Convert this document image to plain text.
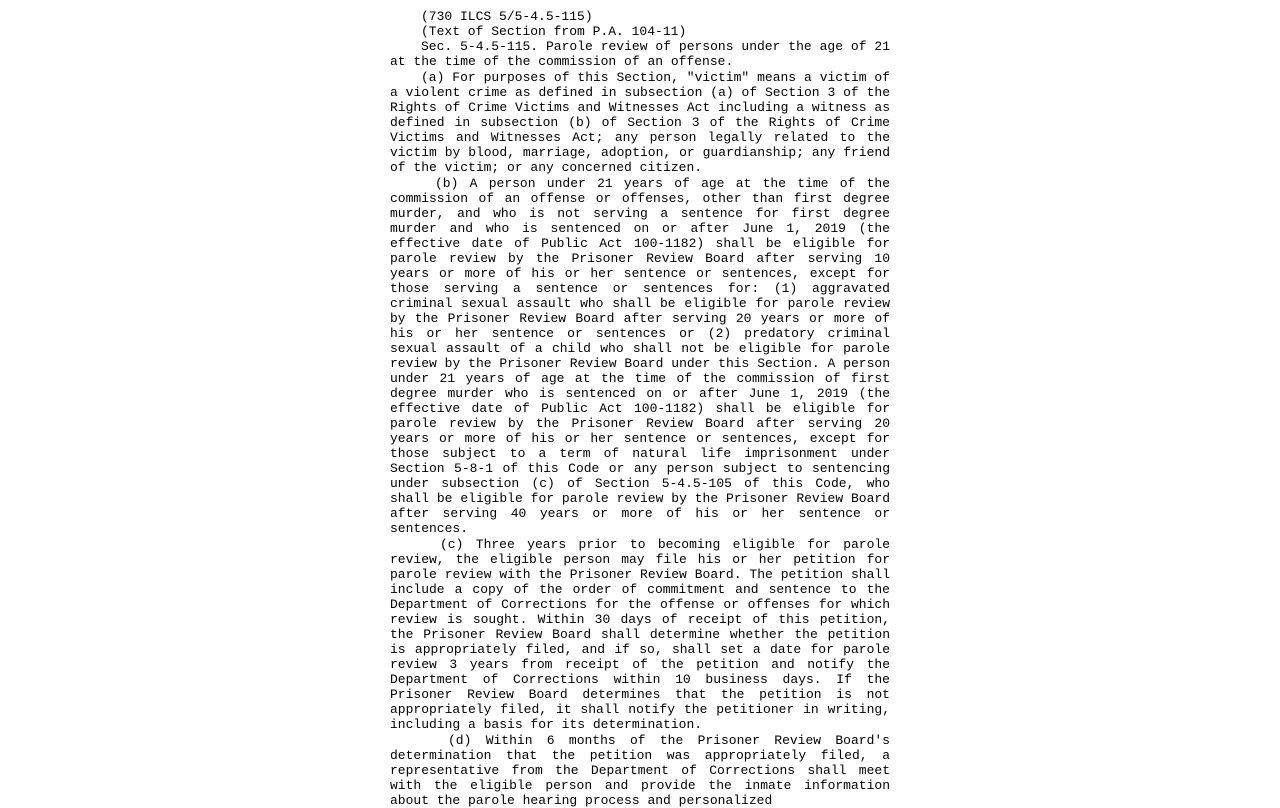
(730 ILCS 5/5-4.5-115)
(Text of Section from P.A. 104-11)
Sec. 5-4.5-115. Parole review of persons under the age of 21
at the time of the commission of an offense.
(a) For purposes of this Section, "victim" means a victim of
a violent crime as defined in subsection (a) of Section 3 of the
Rights of Crime Victims and Witnesses Act including a witness as
defined in subsection (b) of Section 3 of the Rights of Crime
Victims and Witnesses Act; any person legally related to the
victim by blood, marriage, adoption, or guardianship; any friend
of the victim; or any concerned citizen.
(b) A person under 21 years of age at the time of the
commission of an offense or offenses, other than first degree
murder, and who is not serving a sentence for first degree
murder and who is sentenced on or after June 1, 2019 (the
effective date of Public Act 100-1182) shall be eligible for
parole review by the Prisoner Review Board after serving 10
years or more of his or her sentence or sentences, except for
those serving a sentence or sentences for: (1) aggravated
criminal sexual assault who shall be eligible for parole review
by the Prisoner Review Board after serving 20 years or more of
his or her sentence or sentences or (2) predatory criminal
sexual assault of a child who shall not be eligible for parole
review by the Prisoner Review Board under this Section. A person
under 21 years of age at the time of the commission of first
degree murder who is sentenced on or after June 1, 2019 (the
effective date of Public Act 100-1182) shall be eligible for
parole review by the Prisoner Review Board after serving 20
years or more of his or her sentence or sentences, except for
those subject to a term of natural life imprisonment under
Section 5-8-1 of this Code or any person subject to sentencing
under subsection (c) of Section 5-4.5-105 of this Code, who
shall be eligible for parole review by the Prisoner Review Board
after serving 40 years or more of his or her sentence or
sentences.
(c) Three years prior to becoming eligible for parole
review, the eligible person may file his or her petition for
parole review with the Prisoner Review Board. The petition shall
include a copy of the order of commitment and sentence to the
Department of Corrections for the offense or offenses for which
review is sought. Within 30 days of receipt of this petition,
the Prisoner Review Board shall determine whether the petition
is appropriately filed, and if so, shall set a date for parole
review 3 years from receipt of the petition and notify the
Department of Corrections within 10 business days. If the
Prisoner Review Board determines that the petition is not
appropriately filed, it shall notify the petitioner in writing,
including a basis for its determination.
(d) Within 6 months of the Prisoner Review Board's
determination that the petition was appropriately filed, a
representative from the Department of Corrections shall meet
with the eligible person and provide the inmate information
about the parole hearing process and personalized
